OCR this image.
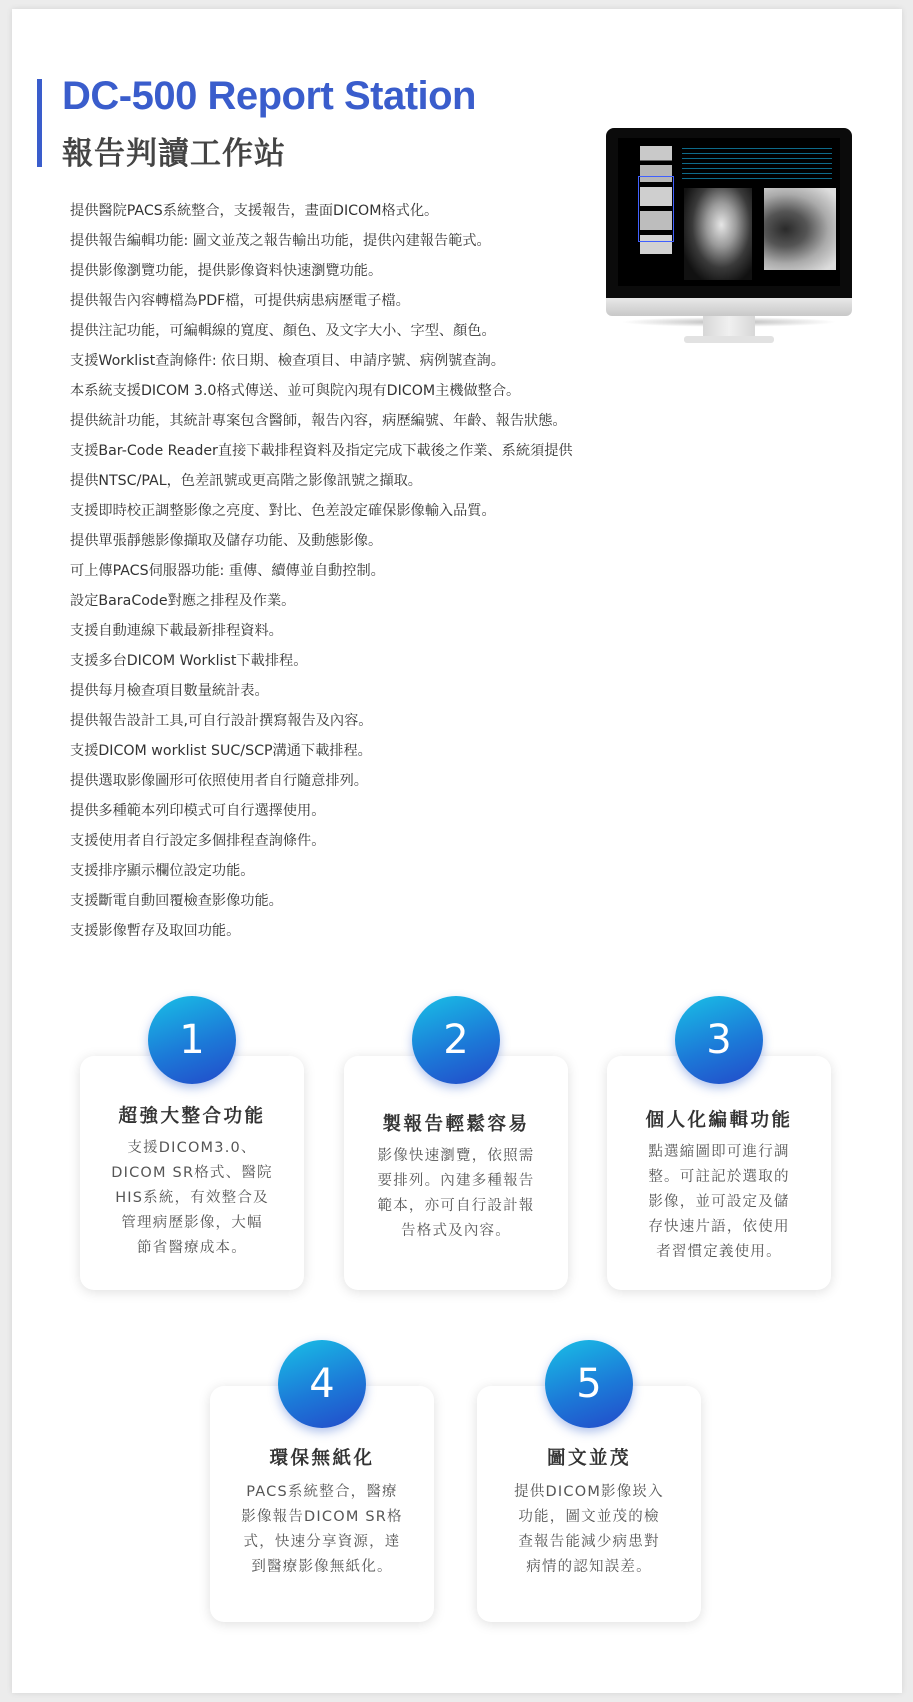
DC-500 Report Station
報告判讀工作站
提供醫院PACS系統整合，支援報告，畫面DICOM格式化。
提供報告編輯功能: 圖文並茂之報告輸出功能，提供內建報告範式。
提供影像瀏覽功能，提供影像資料快速瀏覽功能。
提供報告內容轉檔為PDF檔，可提供病患病歷電子檔。
提供注記功能，可編輯線的寬度、顏色、及文字大小、字型、顏色。
支援Worklist查詢條件: 依日期、檢查項目、申請序號、病例號查詢。
本系統支援DICOM 3.0格式傳送、並可與院內現有DICOM主機做整合。
提供統計功能，其統計專案包含醫師，報告內容，病歷編號、年齡、報告狀態。
支援Bar-Code Reader直接下載排程資料及指定完成下載後之作業、系統須提供
提供NTSC/PAL，色差訊號或更高階之影像訊號之擷取。
支援即時校正調整影像之亮度、對比、色差設定確保影像輸入品質。
提供單張靜態影像擷取及儲存功能、及動態影像。
可上傳PACS伺服器功能: 重傳、續傳並自動控制。
設定BaraCode對應之排程及作業。
支援自動連線下載最新排程資料。
支援多台DICOM Worklist下載排程。
提供每月檢查項目數量統計表。
提供報告設計工具,可自行設計撰寫報告及內容。
支援DICOM worklist SUC/SCP溝通下載排程。
提供選取影像圖形可依照使用者自行隨意排列。
提供多種範本列印模式可自行選擇使用。
支援使用者自行設定多個排程查詢條件。
支援排序顯示欄位設定功能。
支援斷電自動回覆檢查影像功能。
支援影像暫存及取回功能。
超強大整合功能
支援DICOM3.0、
DICOM SR格式、醫院
HIS系統，有效整合及
管理病歷影像，大幅
節省醫療成本。
1
製報告輕鬆容易
影像快速瀏覽，依照需
要排列。內建多種報告
範本，亦可自行設計報
告格式及內容。
2
個人化編輯功能
點選縮圖即可進行調
整。可註記於選取的
影像，並可設定及儲
存快速片語，依使用
者習慣定義使用。
3
環保無紙化
PACS系統整合，醫療
影像報告DICOM SR格
式，快速分享資源，達
到醫療影像無紙化。
4
圖文並茂
提供DICOM影像崁入
功能，圖文並茂的檢
查報告能減少病患對
病情的認知誤差。
5
